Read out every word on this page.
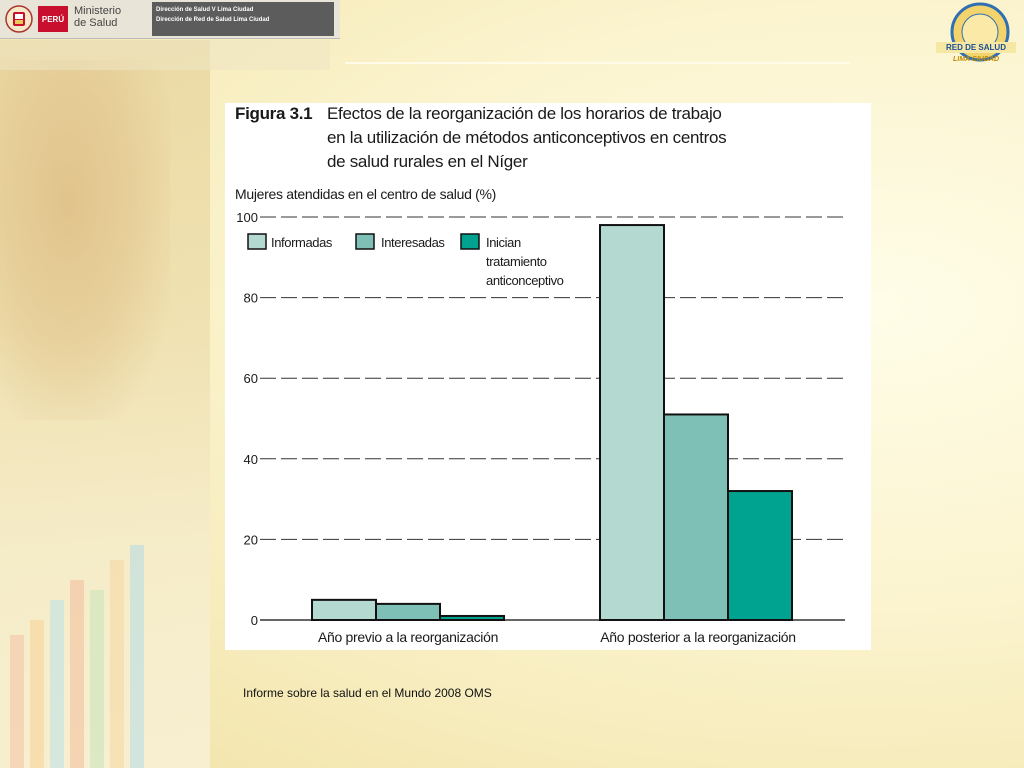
PERÚ
Ministerio
de Salud
Dirección de Salud V Lima Ciudad
Dirección de Red de Salud Lima Ciudad
RED DE SALUD
LIMA CIUDAD
Figura 3.1 Efectos de la reorganización de los horarios de trabajo
en la utilización de métodos anticonceptivos en centros
de salud rurales en el Níger
Mujeres atendidas en el centro de salud (%)
0
20
40
60
80
100
Año previo a la reorganización	Año posterior a la reorganización
Informadas	Interesadas	Inician
tratamiento
anticonceptivo
Informe sobre la salud en el Mundo 2008 OMS
